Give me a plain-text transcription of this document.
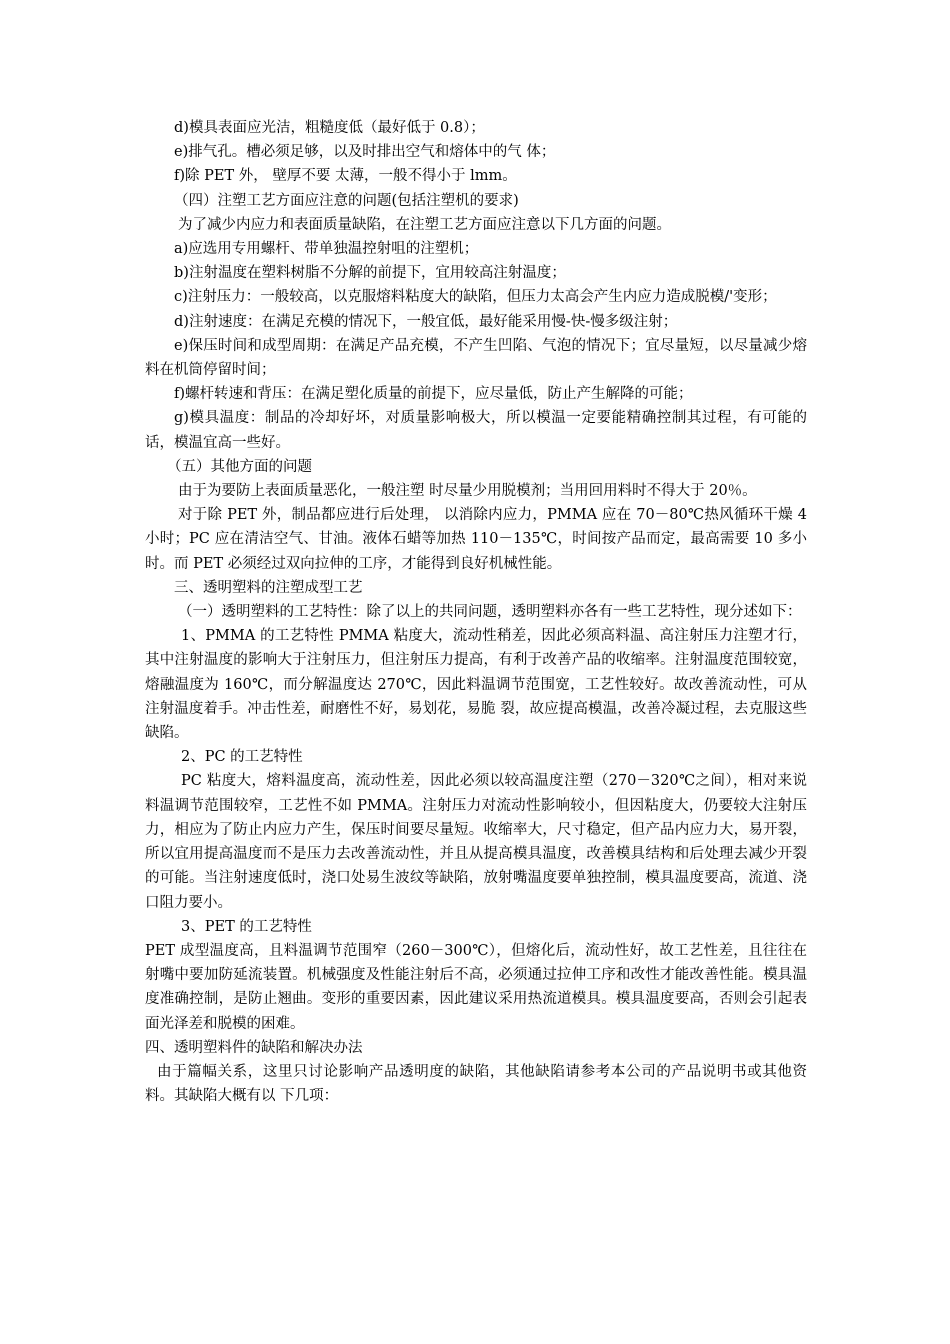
d)模具表面应光洁，粗糙度低（最好低于 0.8）；

e)排气孔。槽必须足够，以及时排出空气和熔体中的气 体；

f)除 PET 外， 壁厚不要 太薄，一般不得小于 lmm。

（四）注塑工艺方面应注意的问题(包括注塑机的要求)

为了减少内应力和表面质量缺陷，在注塑工艺方面应注意以下几方面的问题。

a)应选用专用螺杆、带单独温控射咀的注塑机；

b)注射温度在塑料树脂不分解的前提下，宜用较高注射温度；

c)注射压力：一般较高，以克服熔料粘度大的缺陷，但压力太高会产生内应力造成脱模/'变形；

d)注射速度：在满足充模的情况下，一般宜低，最好能采用慢-快-慢多级注射；

e)保压时间和成型周期：在满足产品充模，不产生凹陷、气泡的情况下；宜尽量短，以尽量减少熔料在机筒停留时间；

f)螺杆转速和背压：在满足塑化质量的前提下，应尽量低，防止产生解降的可能；

g)模具温度：制品的冷却好坏，对质量影响极大，所以模温一定要能精确控制其过程，有可能的话，模温宜高一些好。

（五）其他方面的问题

由于为要防上表面质量恶化，一般注塑 时尽量少用脱模剂；当用回用料时不得大于 20％。

对于除 PET 外，制品都应进行后处理， 以消除内应力，PMMA 应在 70－80℃热风循环干燥 4 小时；PC 应在清洁空气、甘油。液体石蜡等加热 110－135℃，时间按产品而定，最高需要 10 多小时。而 PET 必须经过双向拉伸的工序，才能得到良好机械性能。

三、透明塑料的注塑成型工艺

（一）透明塑料的工艺特性：除了以上的共同问题，透明塑料亦各有一些工艺特性，现分述如下：

1、PMMA 的工艺特性 PMMA 粘度大，流动性稍差，因此必须高料温、高注射压力注塑才行，其中注射温度的影响大于注射压力，但注射压力提高，有利于改善产品的收缩率。注射温度范围较宽，熔融温度为 160℃，而分解温度达 270℃，因此料温调节范围宽，工艺性较好。故改善流动性，可从注射温度着手。冲击性差，耐磨性不好，易划花，易脆 裂，故应提高模温，改善冷凝过程，去克服这些缺陷。

2、PC 的工艺特性

PC 粘度大，熔料温度高，流动性差，因此必须以较高温度注塑（270－320℃之间），相对来说料温调节范围较窄，工艺性不如 PMMA。注射压力对流动性影响较小，但因粘度大，仍要较大注射压力，相应为了防止内应力产生，保压时间要尽量短。收缩率大，尺寸稳定，但产品内应力大，易开裂，所以宜用提高温度而不是压力去改善流动性，并且从提高模具温度，改善模具结构和后处理去减少开裂的可能。当注射速度低时，浇口处易生波纹等缺陷，放射嘴温度要单独控制，模具温度要高，流道、浇口阻力要小。

3、PET 的工艺特性

PET 成型温度高，且料温调节范围窄（260－300℃），但熔化后，流动性好，故工艺性差，且往往在射嘴中要加防延流装置。机械强度及性能注射后不高，必须通过拉伸工序和改性才能改善性能。模具温度准确控制，是防止翘曲。变形的重要因素，因此建议采用热流道模具。模具温度要高，否则会引起表面光泽差和脱模的困难。

四、透明塑料件的缺陷和解决办法

由于篇幅关系，这里只讨论影响产品透明度的缺陷，其他缺陷请参考本公司的产品说明书或其他资料。其缺陷大概有以 下几项：
